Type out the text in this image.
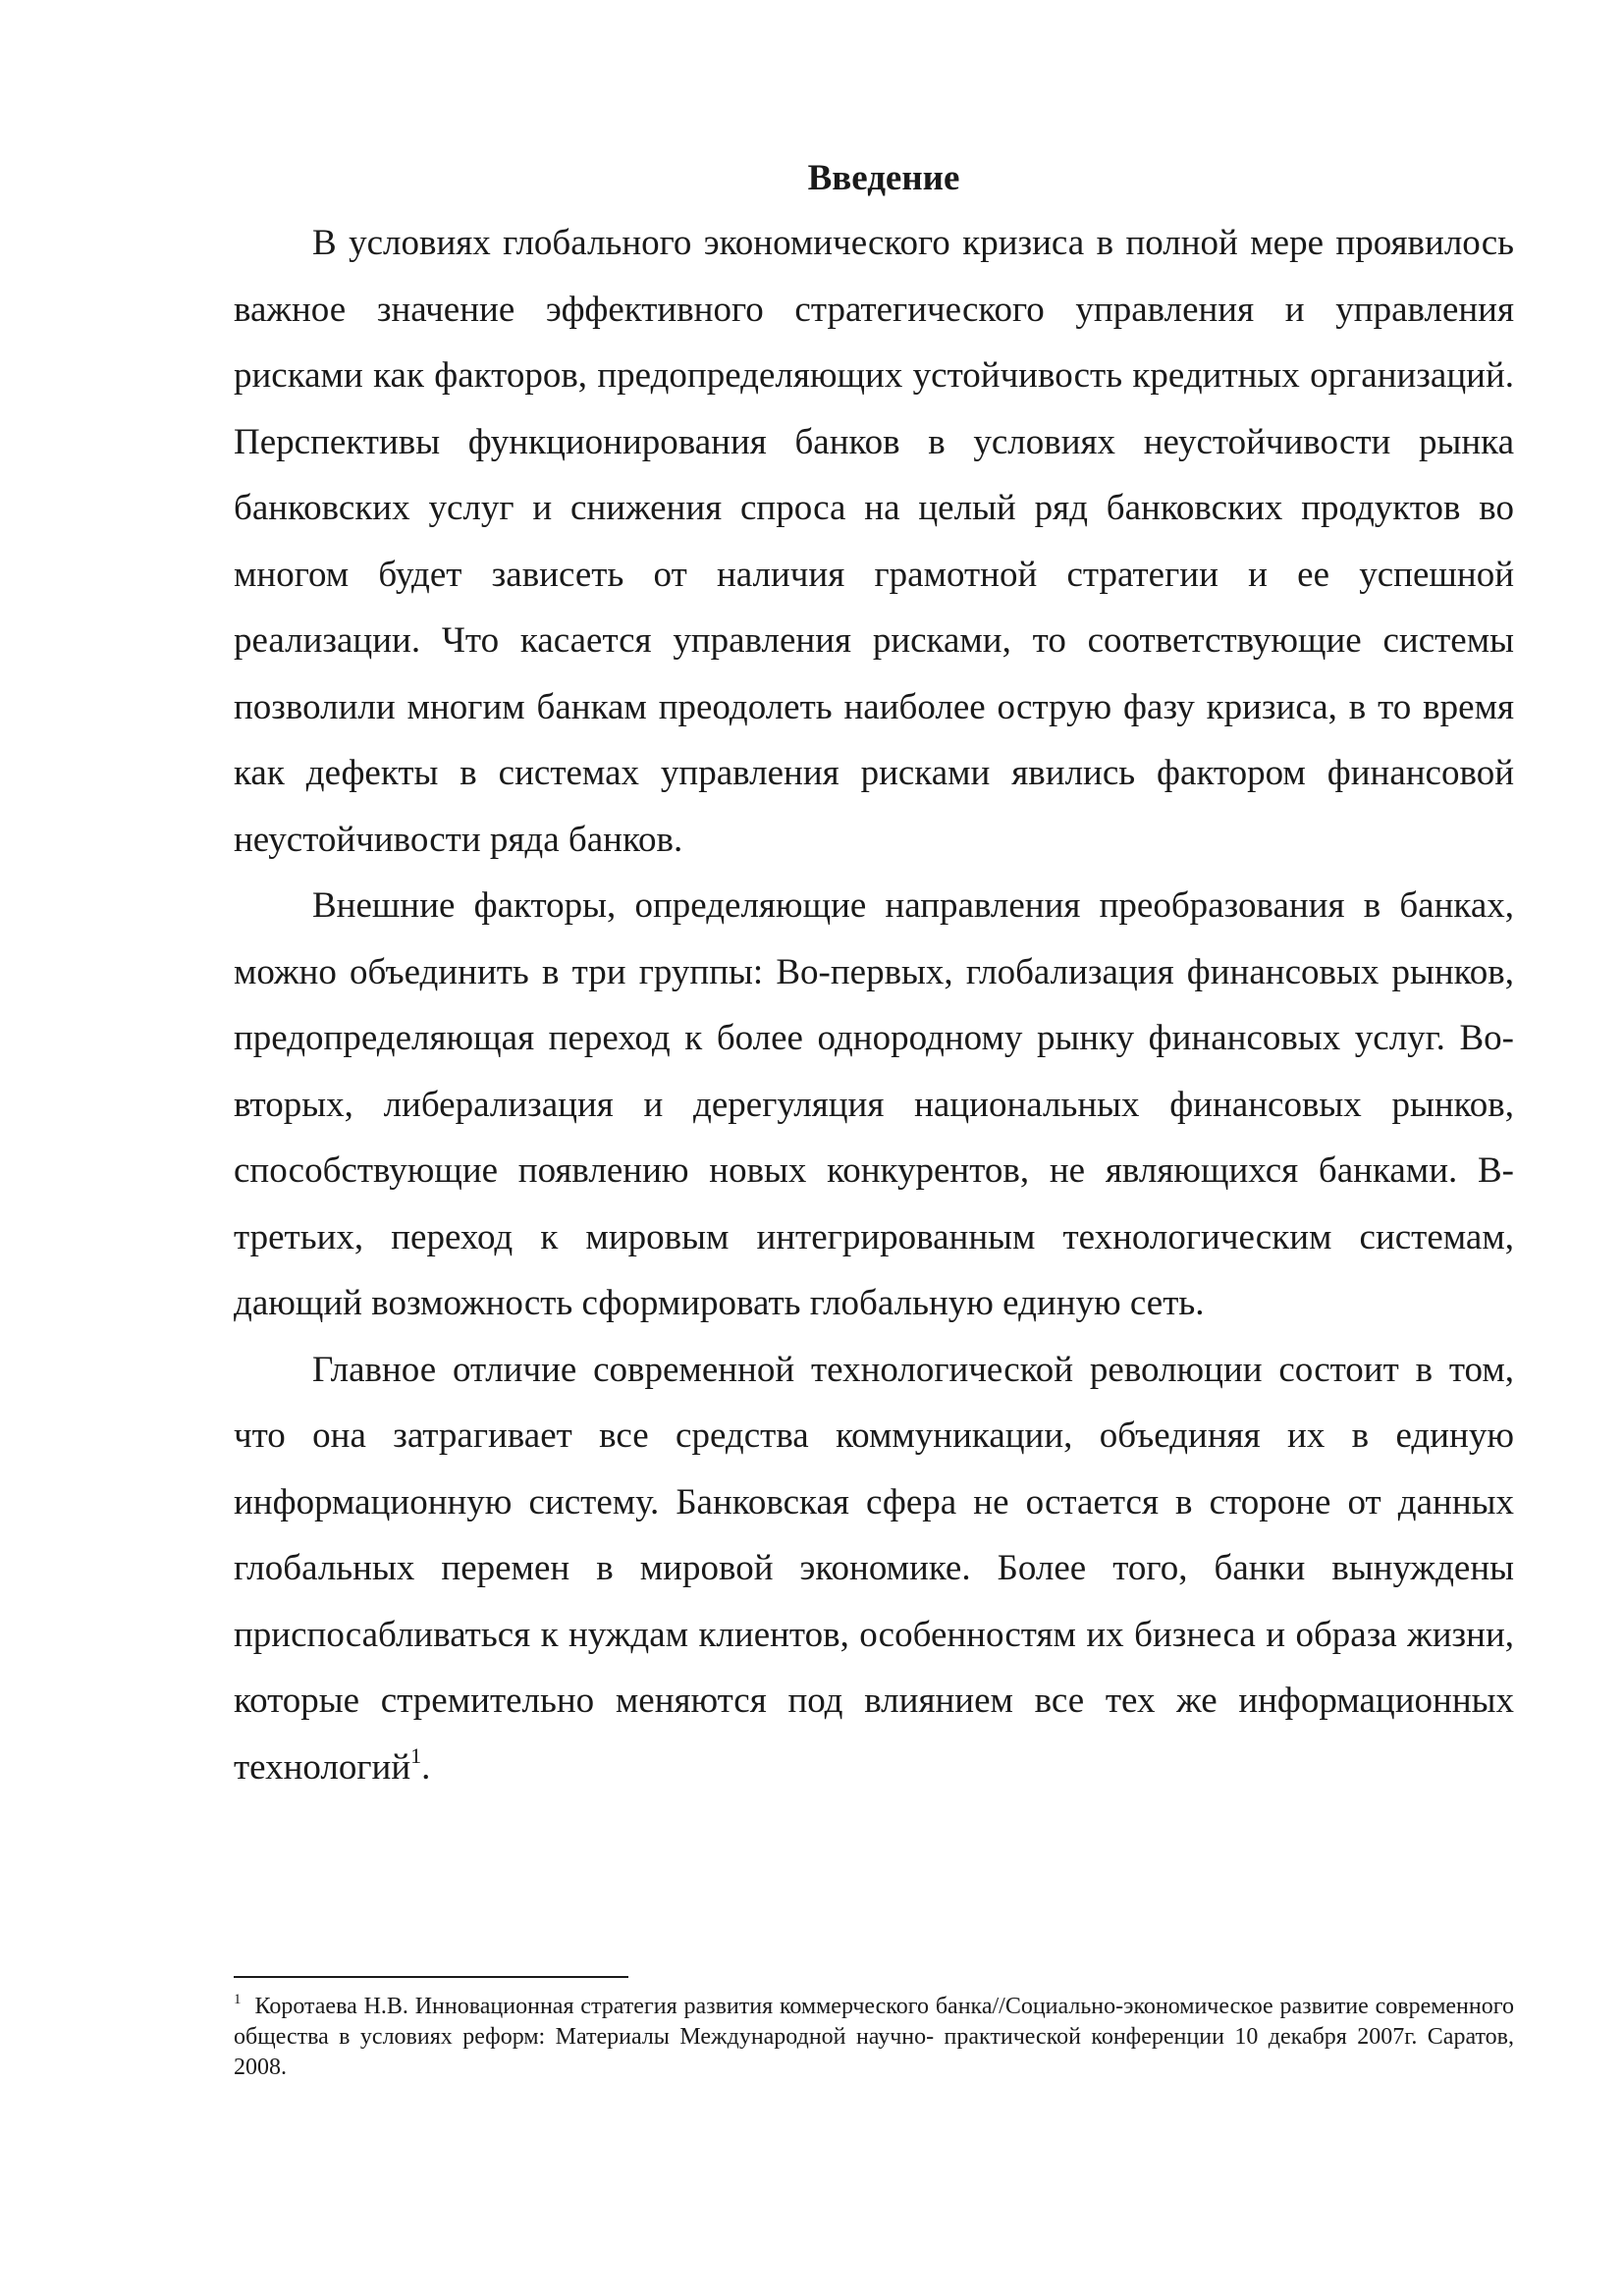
Введение

В условиях глобального экономического кризиса в полной мере проявилось важное значение эффективного стратегического управления и управления рисками как факторов, предопределяющих устойчивость кредитных организаций. Перспективы функционирования банков в условиях неустойчивости рынка банковских услуг и снижения спроса на целый ряд банковских продуктов во многом будет зависеть от наличия грамотной стратегии и ее успешной реализации. Что касается управления рисками, то соответствующие системы позволили многим банкам преодолеть наиболее острую фазу кризиса, в то время как дефекты в системах управления рисками явились фактором финансовой неустойчивости ряда банков.

Внешние факторы, определяющие направления преобразования в банках, можно объединить в три группы: Во-первых, глобализация финансовых рынков, предопределяющая переход к более однородному рынку финансовых услуг. Во-вторых, либерализация и дерегуляция национальных финансовых рынков, способствующие появлению новых конкурентов, не являющихся банками. В-третьих, переход к мировым интегрированным технологическим системам, дающий возможность сформировать глобальную единую сеть.

Главное отличие современной технологической революции состоит в том, что она затрагивает все средства коммуникации, объединяя их в единую информационную систему. Банковская сфера не остается в стороне от данных глобальных перемен в мировой экономике. Более того, банки вынуждены приспосабливаться к нуждам клиентов, особенностям их бизнеса и образа жизни, которые стремительно меняются под влиянием все тех же информационных технологий$^1$.

$^1$ Коротаева Н.В. Инновационная стратегия развития коммерческого банка//Социально-экономическое развитие современного общества в условиях реформ: Материалы Международной научно- практической конференции 10 декабря 2007г. Саратов, 2008.
